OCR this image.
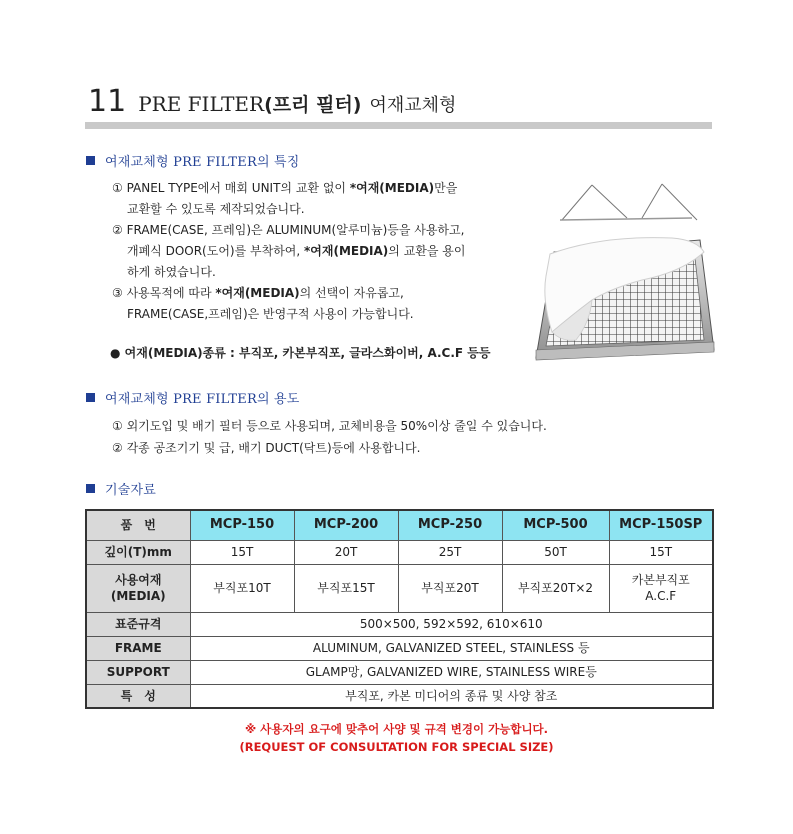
11 PRE FILTER (프리 필터) 여재교체형
여재교체형 PRE FILTER의 특징
① PANEL TYPE에서 매회 UNIT의 교환 없이 *여재(MEDIA)만을
교환할 수 있도록 제작되었습니다.
② FRAME(CASE, 프레임)은 ALUMINUM(알루미늄)등을 사용하고,
개폐식 DOOR(도어)를 부착하여, *여재(MEDIA)의 교환을 용이
하게 하였습니다.
③ 사용목적에 따라 *여재(MEDIA)의 선택이 자유롭고,
FRAME(CASE,프레임)은 반영구적 사용이 가능합니다.
● 여재(MEDIA)종류 : 부직포, 카본부직포, 글라스화이버, A.C.F 등등
여재교체형 PRE FILTER의 용도
① 외기도입 및 배기 필터 등으로 사용되며, 교체비용을 50%이상 줄일 수 있습니다.
② 각종 공조기기 및 급, 배기 DUCT(닥트)등에 사용합니다.
기술자료
품　번	MCP-150	MCP-200	MCP-250	MCP-500	MCP-150SP
깊이(T)mm	15T	20T	25T	50T	15T
사용여재
(MEDIA)	부직포10T	부직포15T	부직포20T	부직포20T×2	카본부직포
A.C.F
표준규격	500×500, 592×592, 610×610				
FRAME	ALUMINUM, GALVANIZED STEEL, STAINLESS 등				
SUPPORT	GLAMP망, GALVANIZED WIRE, STAINLESS WIRE등				
특　성	부직포, 카본 미디어의 종류 및 사양 참조				
※ 사용자의 요구에 맞추어 사양 및 규격 변경이 가능합니다.
(REQUEST OF CONSULTATION FOR SPECIAL SIZE)
